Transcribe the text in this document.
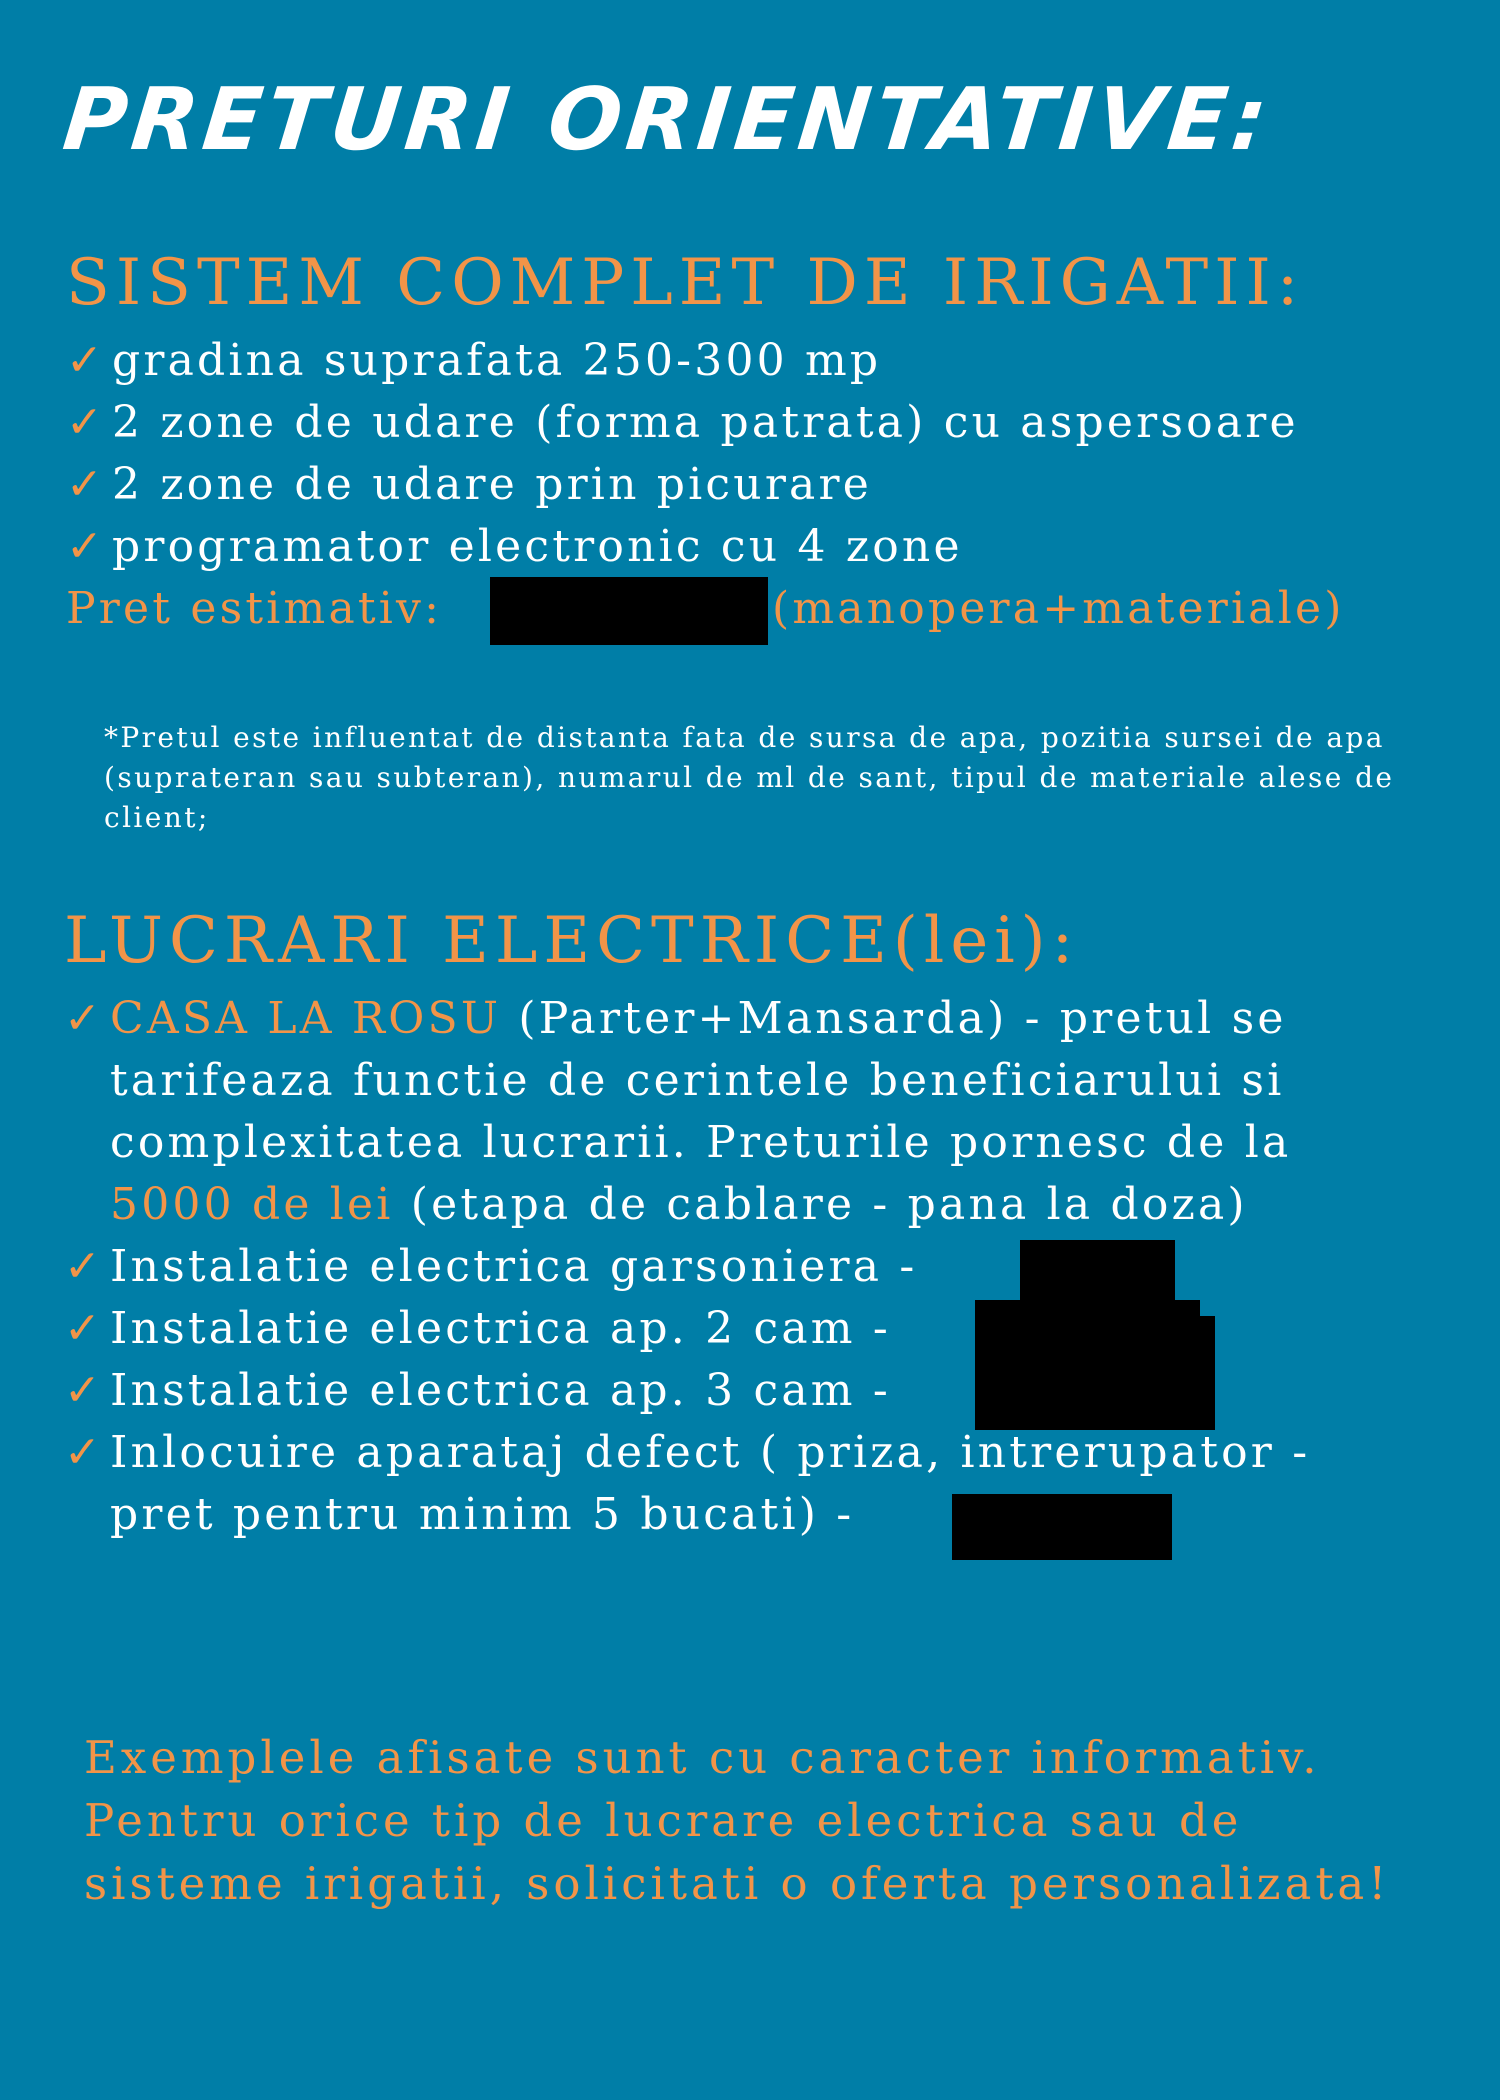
PRETURI ORIENTATIVE:
SISTEM COMPLET DE IRIGATII:
✓ gradina suprafata 250-300 mp
✓ 2 zone de udare (forma patrata) cu aspersoare
✓ 2 zone de udare prin picurare
✓ programator electronic cu 4 zone
Pret estimativ:	(manopera+materiale)
*Pretul este influentat de distanta fata de sursa de apa, pozitia sursei de apa (suprateran sau subteran), numarul de ml de sant, tipul de materiale alese de client;
LUCRARI ELECTRICE(lei):
✓ CASA LA ROSU (Parter+Mansarda) - pretul se
tarifeaza functie de cerintele beneficiarului si
complexitatea lucrarii. Preturile pornesc de la
5000 de lei (etapa de cablare - pana la doza)
✓ Instalatie electrica garsoniera -
✓ Instalatie electrica ap. 2 cam -
✓ Instalatie electrica ap. 3 cam -
✓ Inlocuire aparataj defect ( priza, intrerupator -
pret pentru minim 5 bucati) -
Exemplele afisate sunt cu caracter informativ.
Pentru orice tip de lucrare electrica sau de
sisteme irigatii, solicitati o oferta personalizata!
